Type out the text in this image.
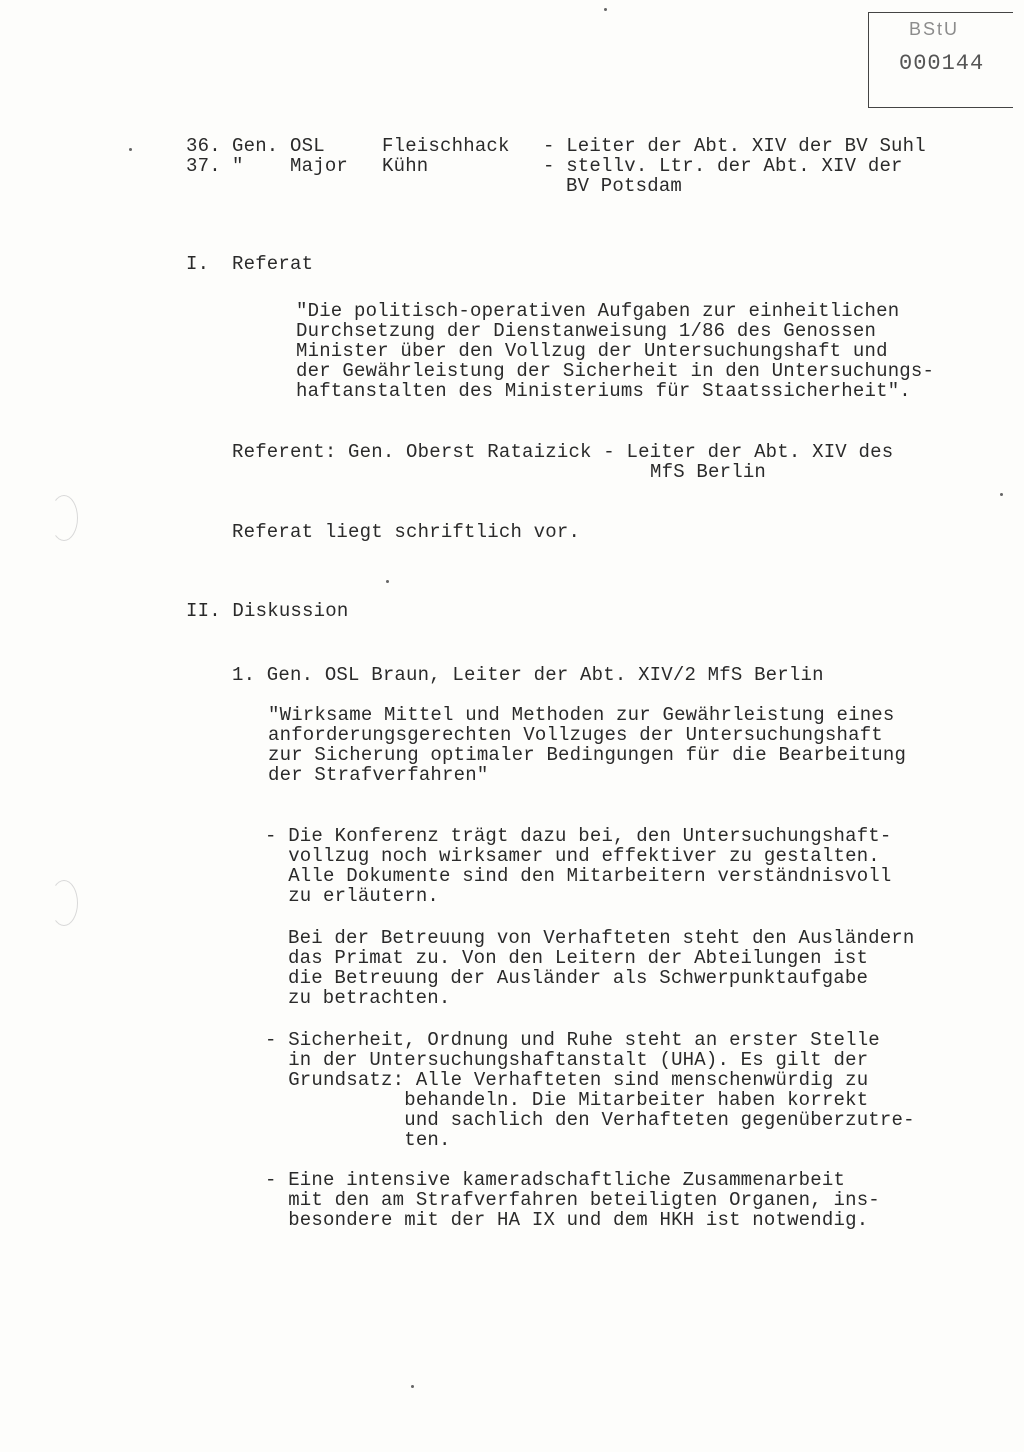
BStU
000144
36. Gen. OSL	Fleischhack - Leiter der Abt. XIV der BV Suhl
37. "    Major Kühn	- stellv. Ltr. der Abt. XIV der
BV Potsdam
I. Referat
"Die politisch-operativen Aufgaben zur einheitlichen
Durchsetzung der Dienstanweisung 1/86 des Genossen
Minister über den Vollzug der Untersuchungshaft und
der Gewährleistung der Sicherheit in den Untersuchungs-
haftanstalten des Ministeriums für Staatssicherheit".
Referent: Gen. Oberst Rataizick - Leiter der Abt. XIV des
MfS Berlin
Referat liegt schriftlich vor.
II. Diskussion
1. Gen. OSL Braun, Leiter der Abt. XIV/2 MfS Berlin
"Wirksame Mittel und Methoden zur Gewährleistung eines
anforderungsgerechten Vollzuges der Untersuchungshaft
zur Sicherung optimaler Bedingungen für die Bearbeitung
der Strafverfahren"
- Die Konferenz trägt dazu bei, den Untersuchungshaft-
vollzug noch wirksamer und effektiver zu gestalten.
Alle Dokumente sind den Mitarbeitern verständnisvoll
zu erläutern.
Bei der Betreuung von Verhafteten steht den Ausländern
das Primat zu. Von den Leitern der Abteilungen ist
die Betreuung der Ausländer als Schwerpunktaufgabe
zu betrachten.
- Sicherheit, Ordnung und Ruhe steht an erster Stelle
in der Untersuchungshaftanstalt (UHA). Es gilt der
Grundsatz: Alle Verhafteten sind menschenwürdig zu
behandeln. Die Mitarbeiter haben korrekt
und sachlich den Verhafteten gegenüberzutre-
ten.
- Eine intensive kameradschaftliche Zusammenarbeit
mit den am Strafverfahren beteiligten Organen, ins-
besondere mit der HA IX und dem HKH ist notwendig.
